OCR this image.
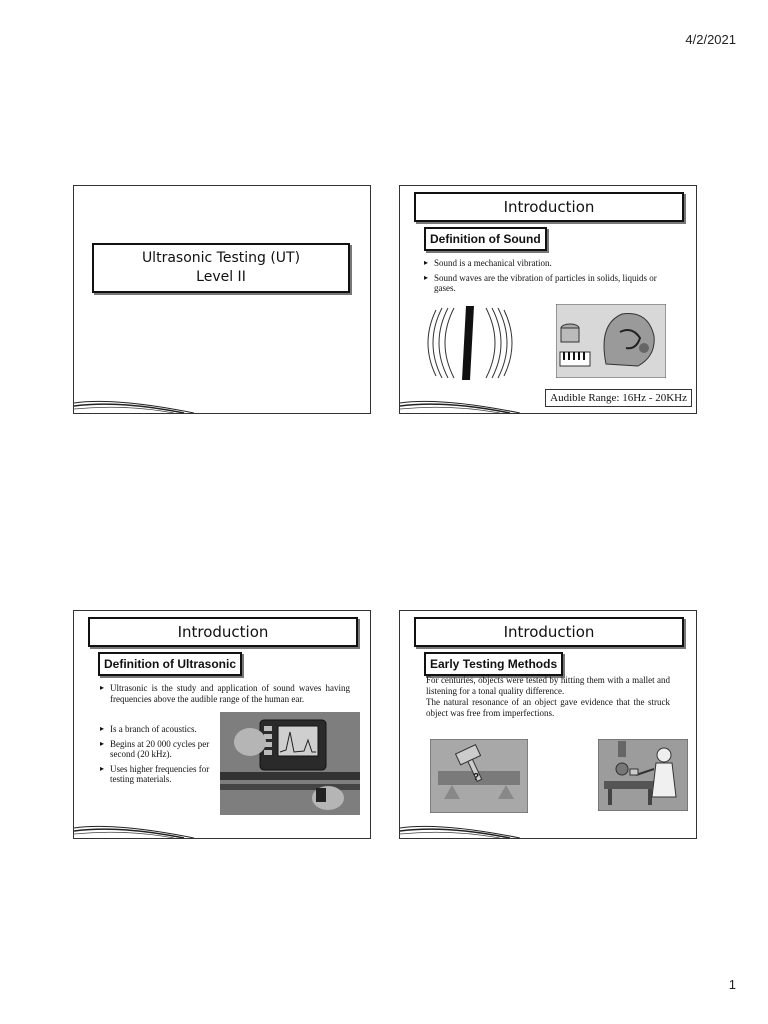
4/2/2021
Ultrasonic Testing (UT)
Level II
Introduction
Definition of Sound
▸ Sound is a mechanical vibration.
▸ Sound waves are the vibration of particles in solids, liquids or gases.
Audible Range: 16Hz - 20KHz
Introduction
Definition of Ultrasonic
▸ Ultrasonic is the study and application of sound waves having frequencies above the audible range of the human ear.
▸ Is a branch of acoustics.
▸ Begins at 20 000 cycles per second (20 kHz).
▸ Uses higher frequencies for testing materials.
Introduction
Early Testing Methods
For centuries, objects were tested by hitting them with a mallet and listening for a tonal quality difference.
The natural resonance of an object gave evidence that the struck object was free from imperfections.
?
1
